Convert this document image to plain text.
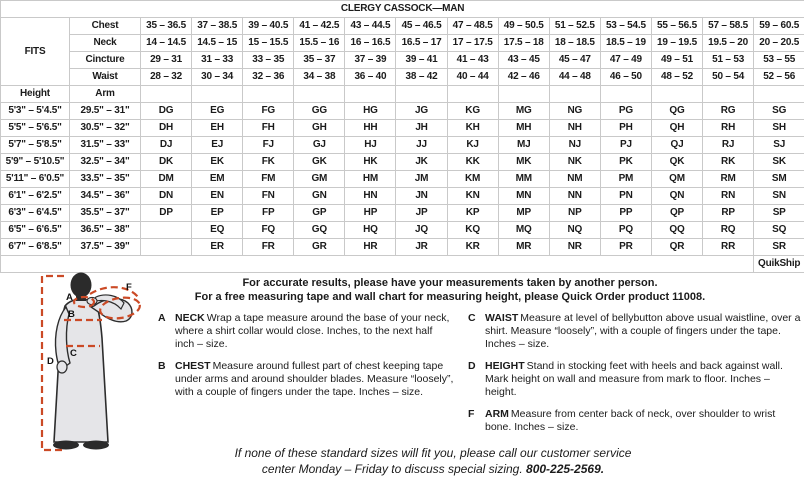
CLERGY CASSOCK—MAN														
FITS	Chest	35 – 36.5	37 – 38.5	39 – 40.5	41 – 42.5	43 – 44.5	45 – 46.5	47 – 48.5	49 – 50.5	51 – 52.5	53 – 54.5	55 – 56.5	57 – 58.5	59 – 60.5
	Neck	14 – 14.5	14.5 – 15	15 – 15.5	15.5 – 16	16 – 16.5	16.5 – 17	17 – 17.5	17.5 – 18	18 – 18.5	18.5 – 19	19 – 19.5	19.5 – 20	20 – 20.5
	Cincture	29 – 31	31 – 33	33 – 35	35 – 37	37 – 39	39 – 41	41 – 43	43 – 45	45 – 47	47 – 49	49 – 51	51 – 53	53 – 55
	Waist	28 – 32	30 – 34	32 – 36	34 – 38	36 – 40	38 – 42	40 – 44	42 – 46	44 – 48	46 – 50	48 – 52	50 – 54	52 – 56
Height	Arm													
5'3" – 5'4.5"	29.5" – 31"	DG	EG	FG	GG	HG	JG	KG	MG	NG	PG	QG	RG	SG
5'5" – 5'6.5"	30.5" – 32"	DH	EH	FH	GH	HH	JH	KH	MH	NH	PH	QH	RH	SH
5'7" – 5'8.5"	31.5" – 33"	DJ	EJ	FJ	GJ	HJ	JJ	KJ	MJ	NJ	PJ	QJ	RJ	SJ
5'9" – 5'10.5"	32.5" – 34"	DK	EK	FK	GK	HK	JK	KK	MK	NK	PK	QK	RK	SK
5'11" – 6'0.5"	33.5" – 35"	DM	EM	FM	GM	HM	JM	KM	MM	NM	PM	QM	RM	SM
6'1" – 6'2.5"	34.5" – 36"	DN	EN	FN	GN	HN	JN	KN	MN	NN	PN	QN	RN	SN
6'3" – 6'4.5"	35.5" – 37"	DP	EP	FP	GP	HP	JP	KP	MP	NP	PP	QP	RP	SP
6'5" – 6'6.5"	36.5" – 38"		EQ	FQ	GQ	HQ	JQ	KQ	MQ	NQ	PQ	QQ	RQ	SQ
6'7" – 6'8.5"	37.5" – 39"		ER	FR	GR	HR	JR	KR	MR	NR	PR	QR	RR	SR
														QuikShip
For accurate results, please have your measurements taken by another person.
For a free measuring tape and wall chart for measuring height, please Quick Order product 11008.
A
B
C
D
F
A NECK Wrap a tape measure around the base of your neck, where a shirt collar would close. Inches, to the next half inch – size.
B CHEST Measure around fullest part of chest keeping tape under arms and around shoulder blades. Measure “loosely”, with a couple of fingers under the tape. Inches – size.
C WAIST Measure at level of bellybutton above usual waistline, over a shirt. Measure “loosely”, with a couple of fingers under the tape. Inches – size.
D HEIGHT Stand in stocking feet with heels and back against wall. Mark height on wall and measure from mark to floor. Inches – height.
F	ARM Measure from center back of neck, over shoulder to wrist bone. Inches – size.
If none of these standard sizes will fit you, please call our customer service
center Monday – Friday to discuss special sizing. 800-225-2569.
